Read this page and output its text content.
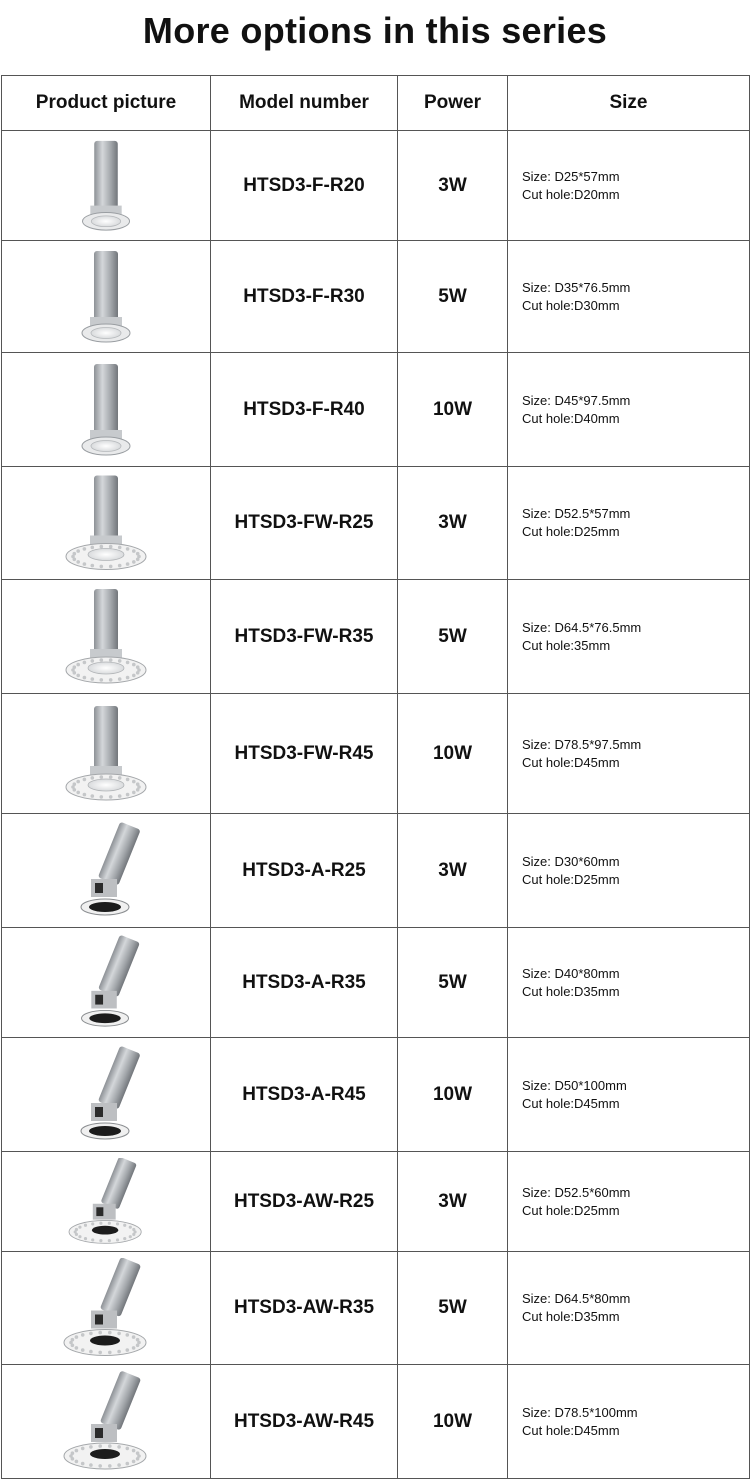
More options in this series
Product picture	Model number	Power	Size

	HTSD3-F-R20	3W	Size: D25*57mm
Cut hole:D20mm

	HTSD3-F-R30	5W	Size: D35*76.5mm
Cut hole:D30mm

	HTSD3-F-R40	10W	Size: D45*97.5mm
Cut hole:D40mm

	HTSD3-FW-R25	3W	Size: D52.5*57mm
Cut hole:D25mm

	HTSD3-FW-R35	5W	Size: D64.5*76.5mm
Cut hole:35mm

	HTSD3-FW-R45	10W	Size: D78.5*97.5mm
Cut hole:D45mm

	HTSD3-A-R25	3W	Size: D30*60mm
Cut hole:D25mm

	HTSD3-A-R35	5W	Size: D40*80mm
Cut hole:D35mm

	HTSD3-A-R45	10W	Size: D50*100mm
Cut hole:D45mm

	HTSD3-AW-R25	3W	Size: D52.5*60mm
Cut hole:D25mm

	HTSD3-AW-R35	5W	Size: D64.5*80mm
Cut hole:D35mm

	HTSD3-AW-R45	10W	Size: D78.5*100mm
Cut hole:D45mm
